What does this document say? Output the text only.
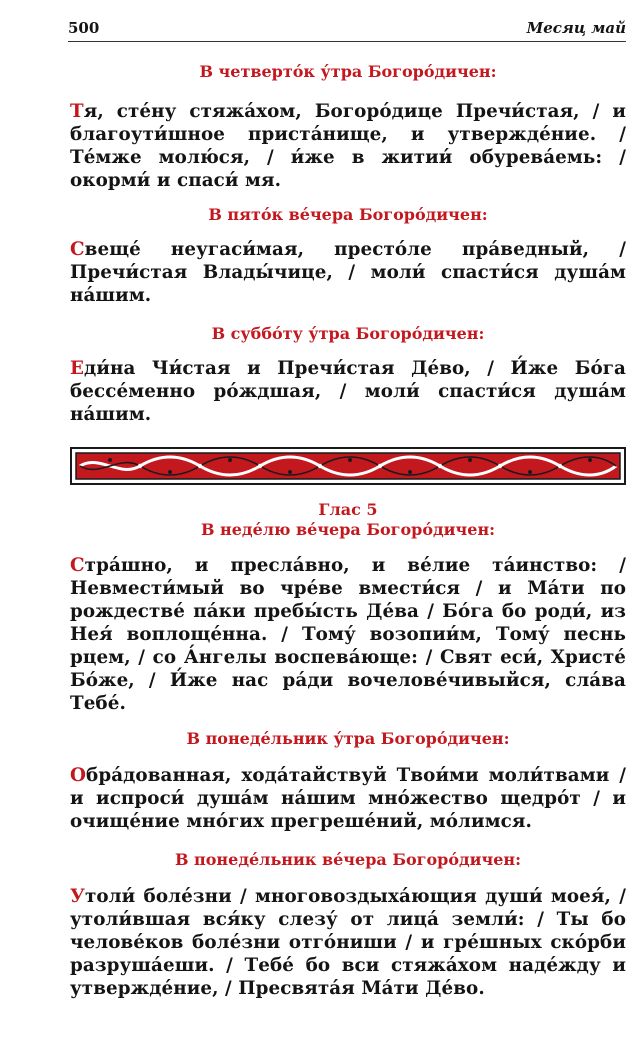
500	Месяц май

В четверто́к у́тра Богоро́дичен:

Тя, сте́ну стяжа́хом, Богоро́дице Пречи́стая, / и благоути́шное приста́нище, и утвержде́ние. / Те́мже молю́ся, / и́же в житии́ обурева́емь: / окорми́ и спаси́ мя.

В пято́к ве́чера Богоро́дичен:

Свеще́ неугаси́мая, престо́ле пра́ведный, / Пречи́стая Влады́чице, / моли́ спасти́ся душа́м на́шим.

В суббо́ту у́тра Богоро́дичен:

Еди́на Чи́стая и Пречи́стая Де́во, / И́же Бо́га бессе́менно ро́ждшая, / моли́ спасти́ся душа́м на́шим.

Глас 5

В неде́лю ве́чера Богоро́дичен:

Стра́шно, и пресла́вно, и ве́лие та́инство: / Невмести́мый во чре́ве вмести́ся / и Ма́ти по рождестве́ па́ки пребы́сть Де́ва / Бо́га бо роди́, из Нея́ воплоще́нна. / Тому́ возопии́м, Тому́ песнь рцем, / со А́нгелы воспева́юще: / Свят еси́, Христе́ Бо́же, / И́же нас ра́ди вочелове́чивыйся, сла́ва Тебе́.

В понеде́льник у́тра Богоро́дичен:

Обра́дованная, хода́тайствуй Твои́ми моли́твами / и испроси́ душа́м на́шим мно́жество щедро́т / и очище́ние мно́гих прегреше́ний, мо́лимся.

В понеде́льник ве́чера Богоро́дичен:

Утоли́ боле́зни / многовоздыха́ющия души́ моея́, / утоли́вшая вся́ку слезу́ от лица́ земли́: / Ты бо челове́ков боле́зни отго́ниши / и гре́шных ско́рби разруша́еши. / Тебе́ бо вси стяжа́хом наде́жду и утвержде́ние, / Пресвята́я Ма́ти Де́во.
